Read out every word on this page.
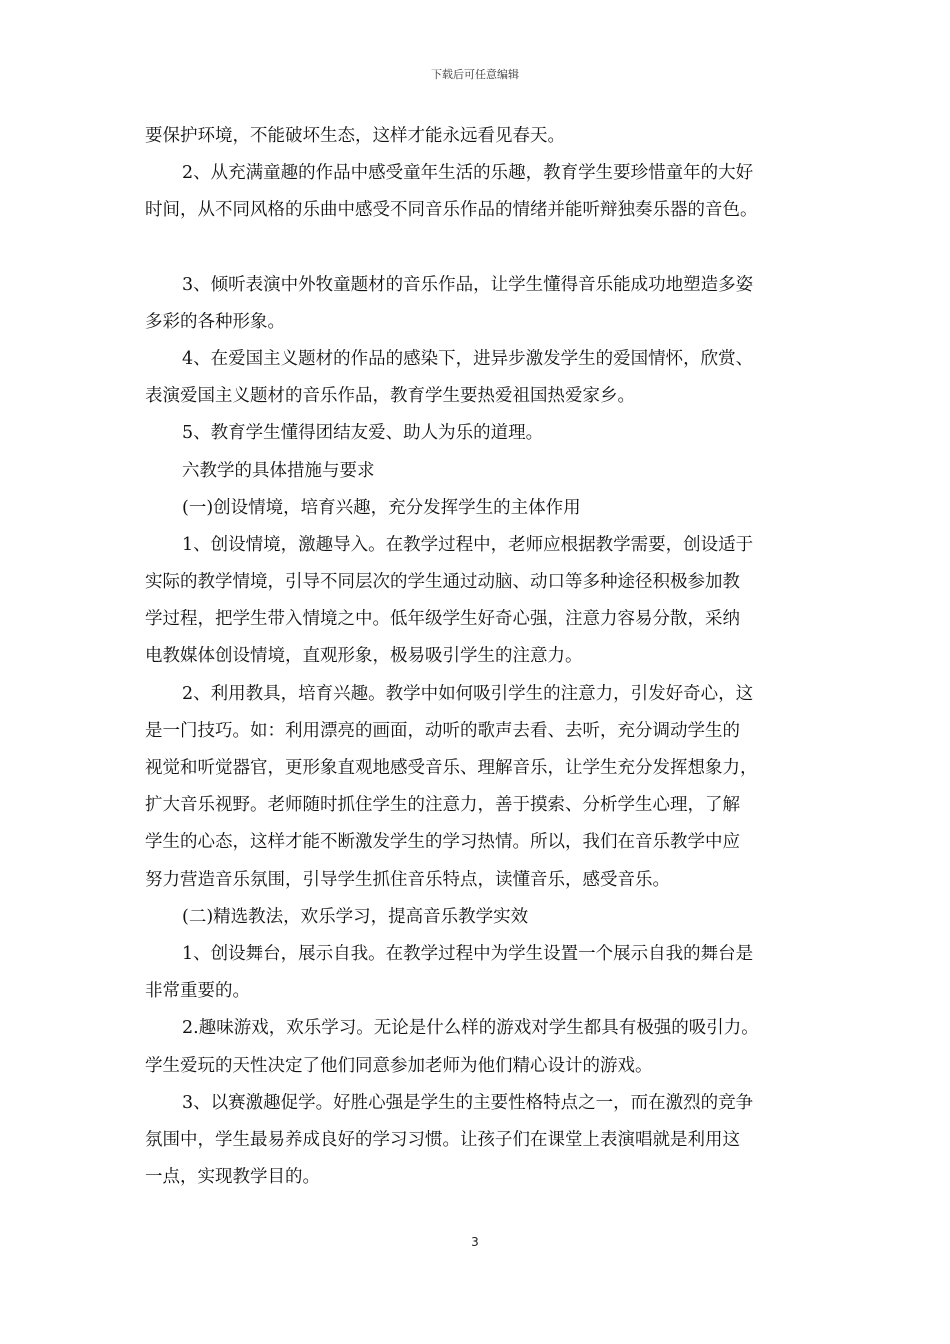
下载后可任意编辑
要保护环境，不能破坏生态，这样才能永远看见春天。
2、从充满童趣的作品中感受童年生活的乐趣，教育学生要珍惜童年的大好
时间，从不同风格的乐曲中感受不同音乐作品的情绪并能听辩独奏乐器的音色。
3、倾听表演中外牧童题材的音乐作品，让学生懂得音乐能成功地塑造多姿
多彩的各种形象。
4、在爱国主义题材的作品的感染下，进异步激发学生的爱国情怀，欣赏、
表演爱国主义题材的音乐作品，教育学生要热爱祖国热爱家乡。
5、教育学生懂得团结友爱、助人为乐的道理。
六教学的具体措施与要求
(一)创设情境，培育兴趣，充分发挥学生的主体作用
1、创设情境，激趣导入。在教学过程中，老师应根据教学需要，创设适于
实际的教学情境，引导不同层次的学生通过动脑、动口等多种途径积极参加教
学过程，把学生带入情境之中。低年级学生好奇心强，注意力容易分散，采纳
电教媒体创设情境，直观形象，极易吸引学生的注意力。
2、利用教具，培育兴趣。教学中如何吸引学生的注意力，引发好奇心，这
是一门技巧。如：利用漂亮的画面，动听的歌声去看、去听，充分调动学生的
视觉和听觉器官，更形象直观地感受音乐、理解音乐，让学生充分发挥想象力，
扩大音乐视野。老师随时抓住学生的注意力，善于摸索、分析学生心理，了解
学生的心态，这样才能不断激发学生的学习热情。所以，我们在音乐教学中应
努力营造音乐氛围，引导学生抓住音乐特点，读懂音乐，感受音乐。
(二)精选教法，欢乐学习，提高音乐教学实效
1、创设舞台，展示自我。在教学过程中为学生设置一个展示自我的舞台是
非常重要的。
2.趣味游戏，欢乐学习。无论是什么样的游戏对学生都具有极强的吸引力。
学生爱玩的天性决定了他们同意参加老师为他们精心设计的游戏。
3、以赛激趣促学。好胜心强是学生的主要性格特点之一，而在激烈的竞争
氛围中，学生最易养成良好的学习习惯。让孩子们在课堂上表演唱就是利用这
一点，实现教学目的。
3
